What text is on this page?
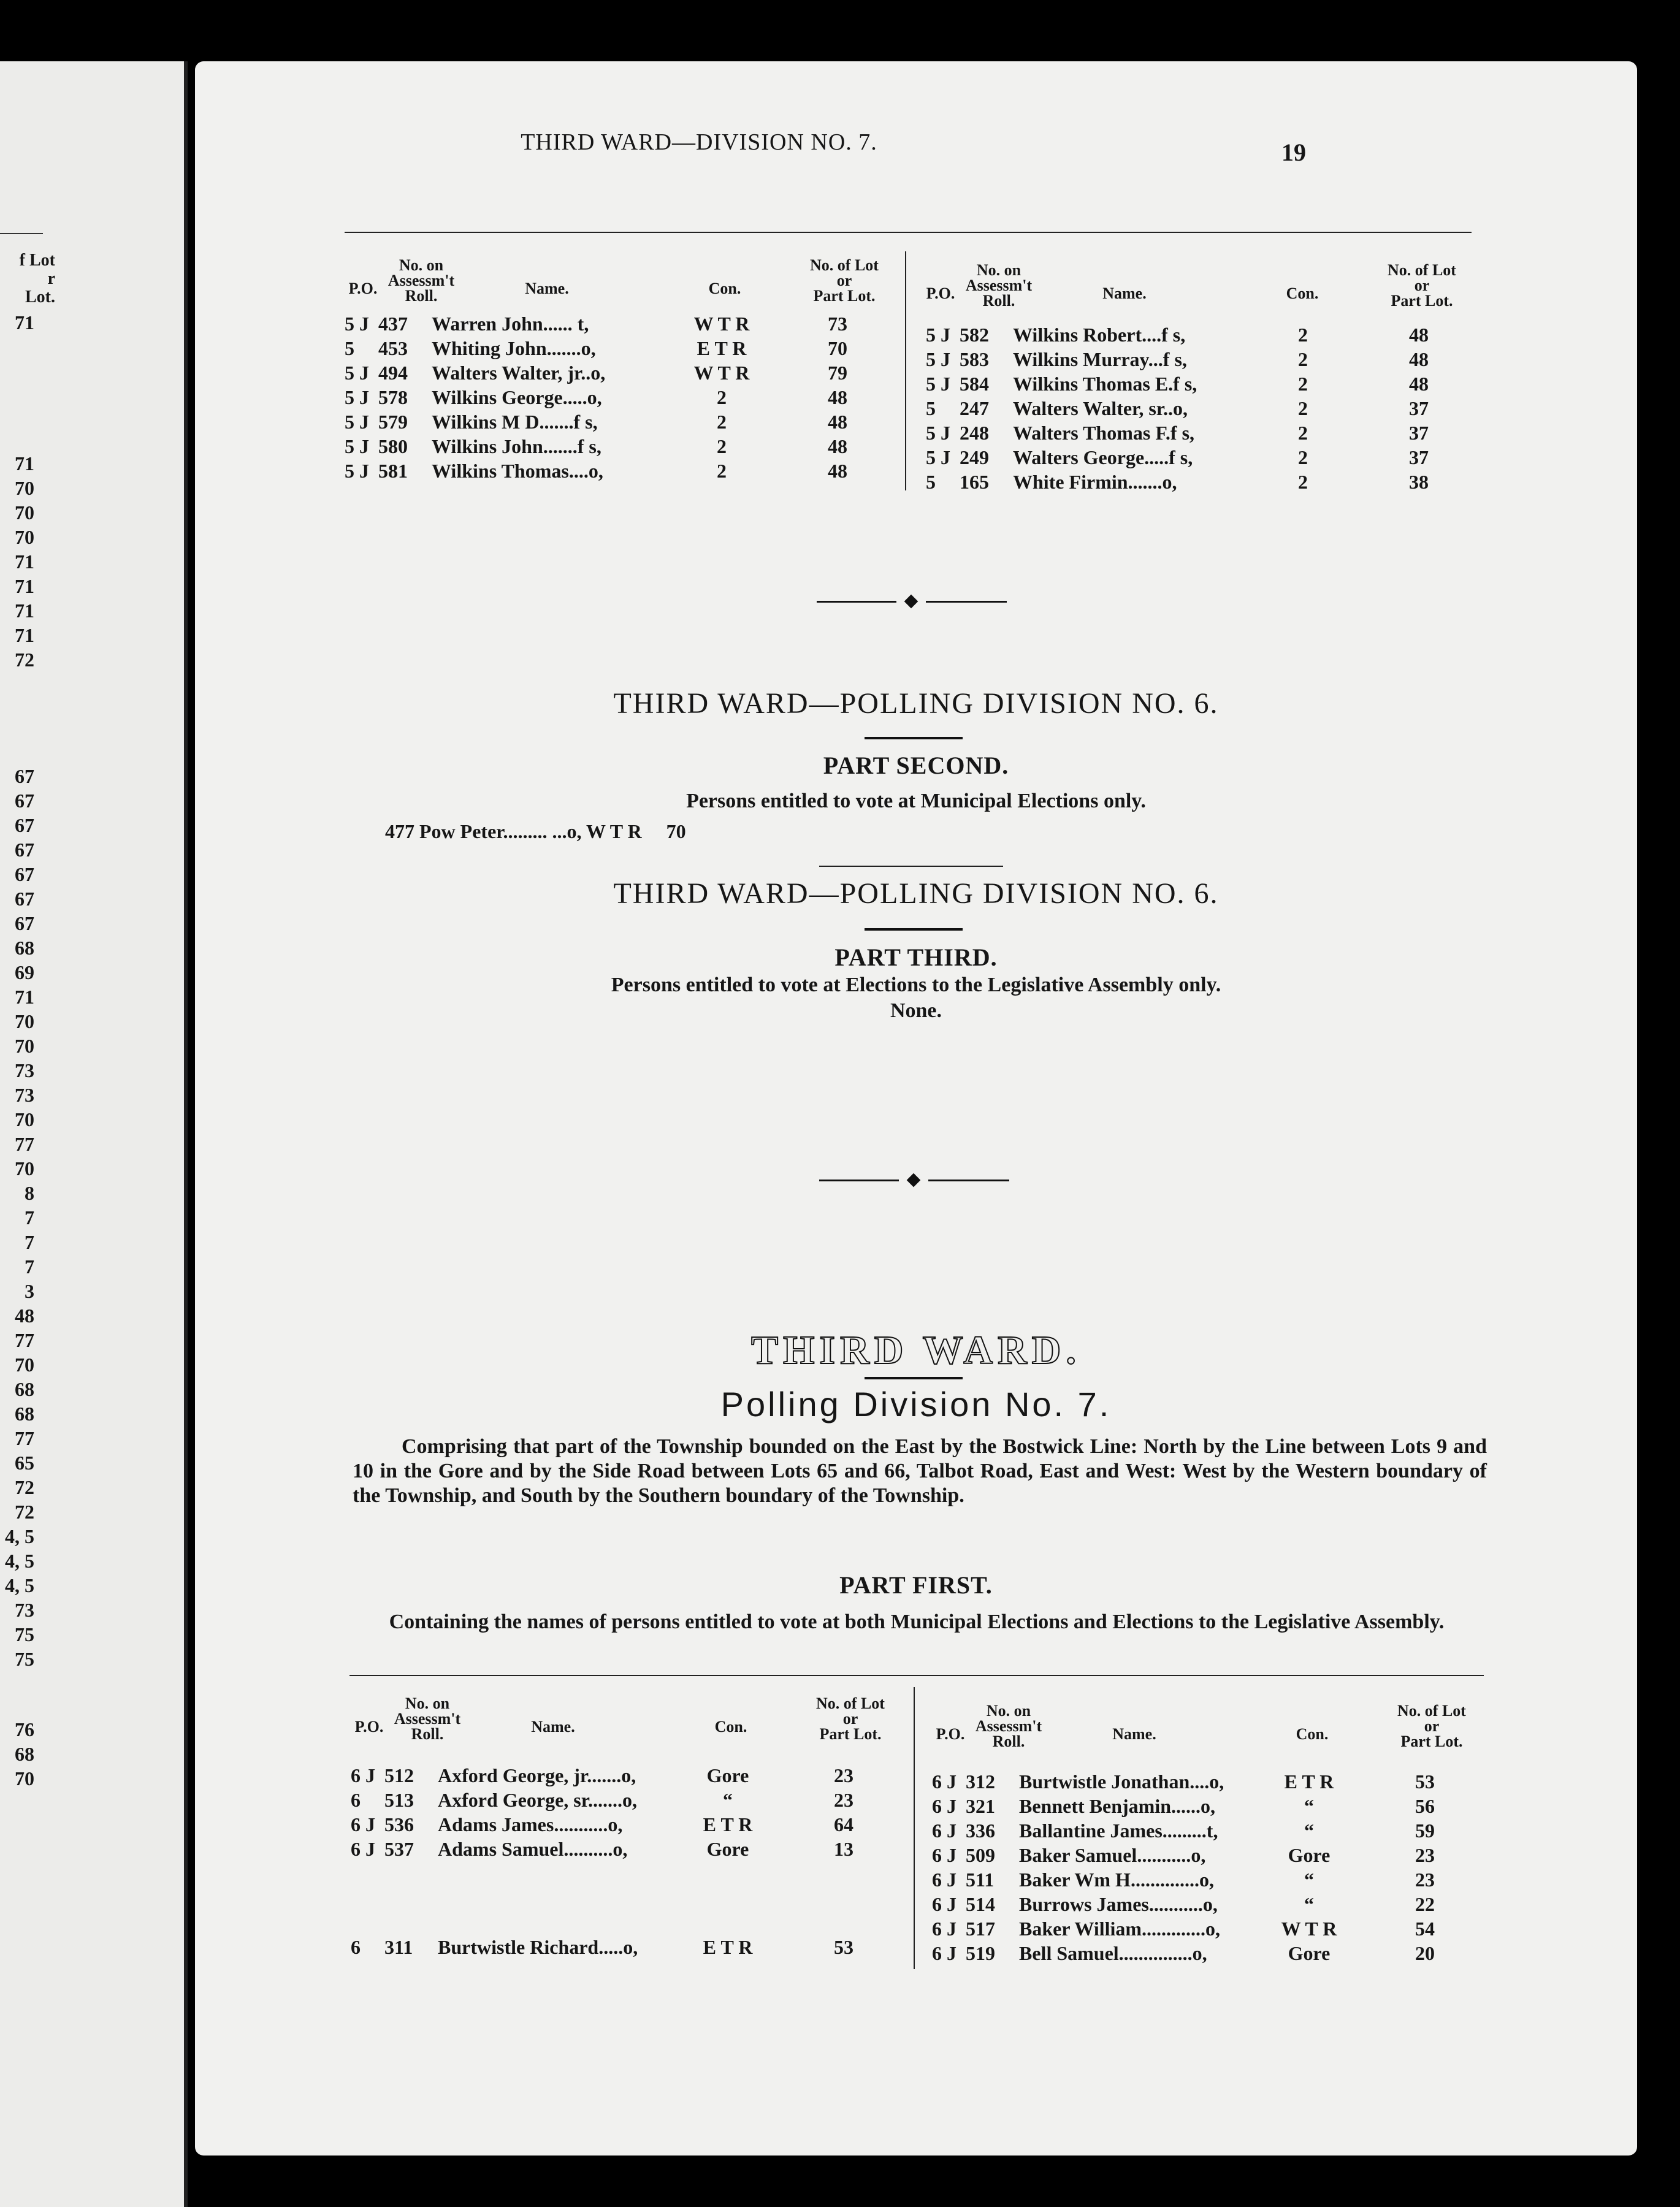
f Lot
r
Lot.
71
71
70
70
70
71
71
71
71
72
67
67
67
67
67
67
67
68
69
71
70
70
73
73
70
77
70
8
7
7
7
3
48
77
70
68
68
77
65
72
72
4, 5
4, 5
4, 5
73
75
75
76
68
70
THIRD WARD—DIVISION NO. 7.	19
P.O.
No. on
Assessm't
Roll.	Name.	Con.
No. of Lot
or
Part Lot.	P.O.
No. on
Assessm't
Roll.	Name.	Con.
No. of Lot
or
Part Lot.
5 J 437 Warren John...... t,	W T R	73
5 453 Whiting John.......o,	E T R	70
5 J 494 Walters Walter, jr..o,	W T R	79
5 J 578 Wilkins George.....o,	2	48
5 J 579 Wilkins M D.......f s,	2	48
5 J 580 Wilkins John.......f s,	2	48
5 J 581 Wilkins Thomas....o,	2	48
5 J 582 Wilkins Robert....f s,	2	48
5 J 583 Wilkins Murray...f s,	2	48
5 J 584 Wilkins Thomas E.f s,	2	48
5 247 Walters Walter, sr..o,	2	37
5 J 248 Walters Thomas F.f s,	2	37
5 J 249 Walters George.....f s,	2	37
5 165 White Firmin.......o,	2	38
THIRD WARD—POLLING DIVISION NO. 6.
PART SECOND.
Persons entitled to vote at Municipal Elections only.
477 Pow Peter......... ...o, W T R     70
THIRD WARD—POLLING DIVISION NO. 6.
PART THIRD.
Persons entitled to vote at Elections to the Legislative Assembly only.
None.
THIRD WARD.
Polling Division No. 7.
Comprising that part of the Township bounded on the East by the Bostwick Line: North by the Line between Lots 9 and 10 in the Gore and by the Side Road between Lots 65 and 66, Talbot Road, East and West: West by the Western boundary of the Township, and South by the Southern boundary of the Township.
PART FIRST.
Containing the names of persons entitled to vote at both Municipal Elections and Elections to the Legislative Assembly.
P.O.
No. on
Assessm't
Roll.	Name.	Con.
No. of Lot
or
Part Lot.	P.O.
No. on
Assessm't
Roll.	Name.	Con.
No. of Lot
or
Part Lot.
6 J 512 Axford George, jr.......o,	Gore	23
6 513 Axford George, sr.......o,	“	23
6 J 536 Adams James...........o,	E T R	64
6 J 537 Adams Samuel..........o,	Gore	13
6 311 Burtwistle Richard.....o,	E T R	53
6 J 312 Burtwistle Jonathan....o,	E T R	53
6 J 321 Bennett Benjamin......o,	“	56
6 J 336 Ballantine James.........t,	“	59
6 J 509 Baker Samuel...........o,	Gore	23
6 J 511 Baker Wm H..............o,	“	23
6 J 514 Burrows James...........o,	“	22
6 J 517 Baker William.............o,	W T R	54
6 J 519 Bell Samuel...............o,	Gore	20
